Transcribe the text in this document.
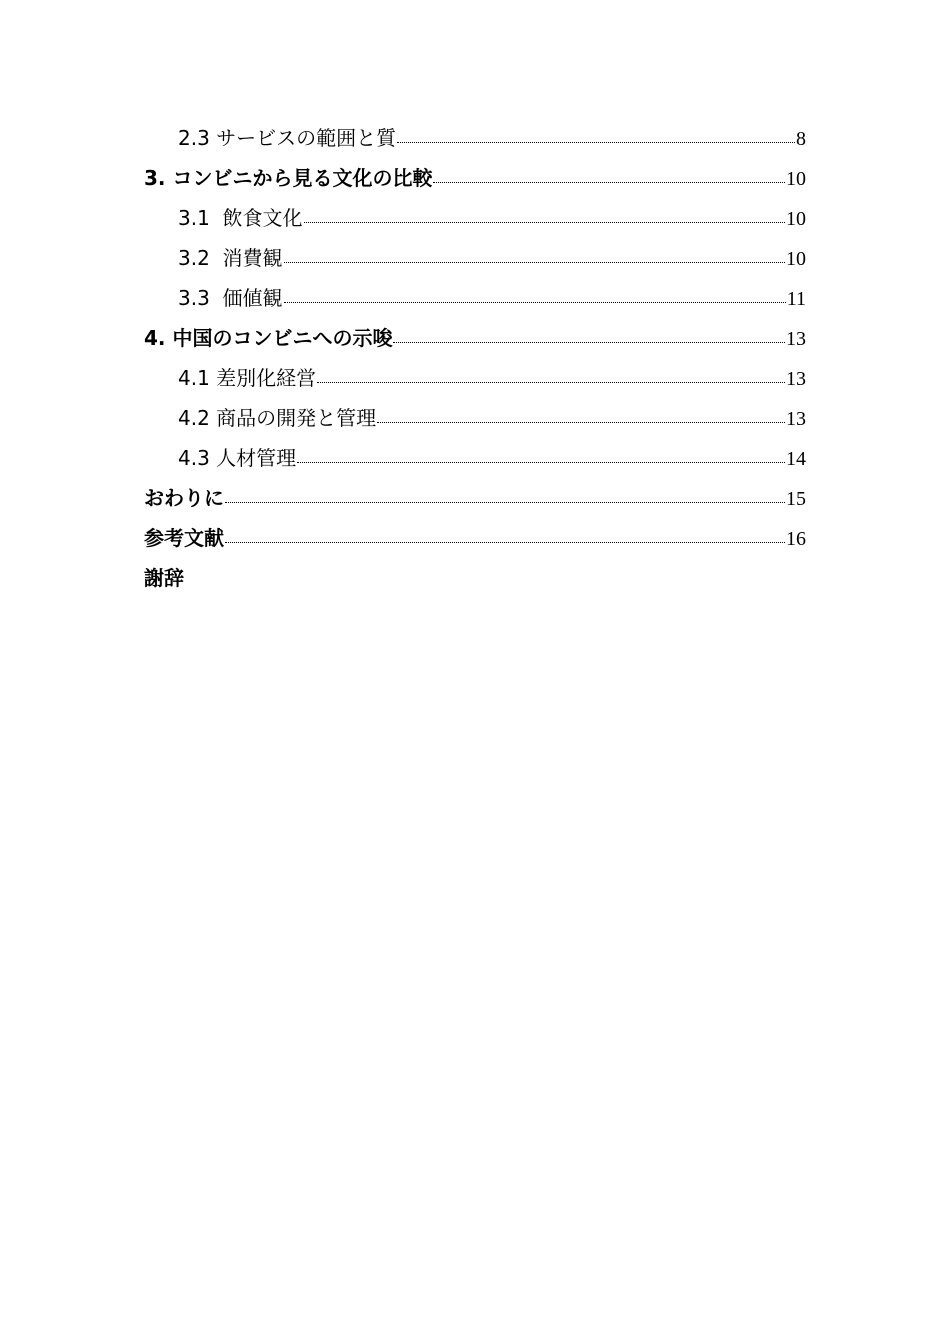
2.3 サービスの範囲と質	8
3. コンビニから見る文化の比較	10
3.1  飲食文化	10
3.2  消費観	10
3.3  価値観	11
4. 中国のコンビニへの示唆	13
4.1 差別化経営	13
4.2 商品の開発と管理	13
4.3 人材管理	14
おわりに	15
参考文献	16
謝辞
